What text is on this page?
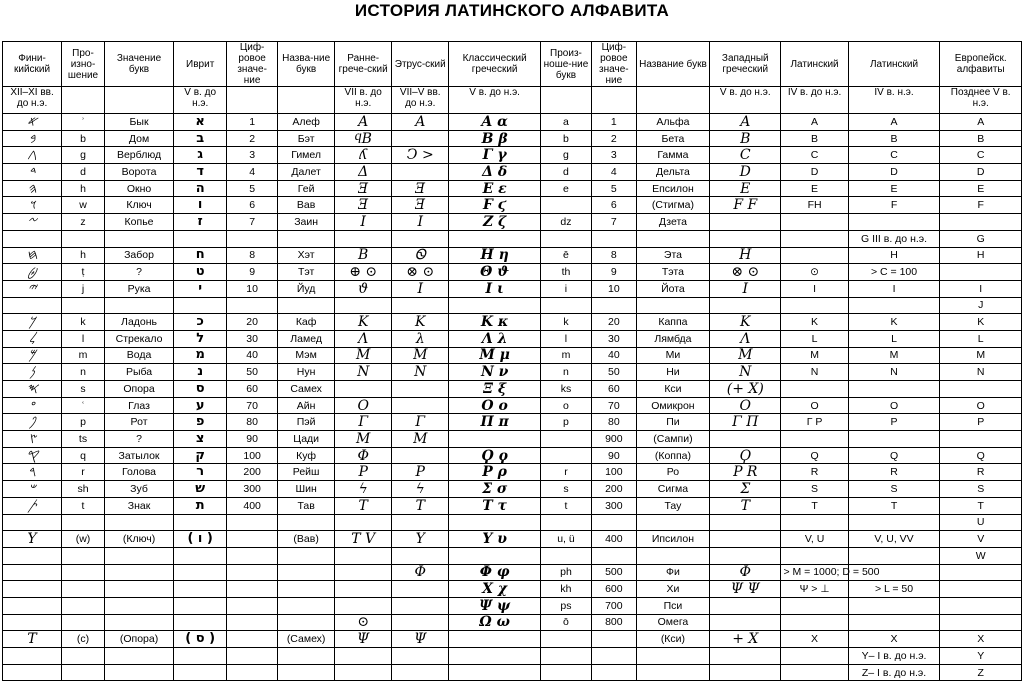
ИСТОРИЯ ЛАТИНСКОГО АЛФАВИТА
Фини-кийский	Про-изно-шение	Значение букв	Иврит	Циф-ровое значе-ние	Назва-ние букв	Ранне-грече-ский	Этрус-ский	Классический греческий	Произ-ноше-ние букв	Циф-ровое значе-ние	Название букв	Западный греческий	Латинский	Латинский	Европейск. алфавиты
XII–XI вв. до н.э.			V в. до н.э.			VII в. до н.э.	VII–V вв. до н.э.	V в. до н.э.				V в. до н.э.	IV в. до н.э.	IV в. н.э.	Позднее V в. н.э.
𐤀	ʾ	Бык	א	1	Алеф	A	A	Α α	a	1	Альфа	A	A	A	A
𐤁	b	Дом	ב	2	Бэт	ϥB		Β β	b	2	Бета	B	B	B	B
𐤂	g	Верблюд	ג	3	Гимел	ʎ	Ↄ >	Γ γ	g	3	Гамма	C	C	C	C
𐤃	d	Ворота	ד	4	Далет	Δ		Δ δ	d	4	Дельта	D	D	D	D
𐤄	h	Окно	ה	5	Гей	Ǝ	Ǝ	Ε ε	e	5	Епсилон	E	E	E	E
𐤅	w	Ключ	ו	6	Вав	Ǝ	Ǝ	Ϝ ϛ		6	(Стигма)	F F	FH	F	F
𐤆	z	Копье	ז	7	Заин	I	I	Ζ ζ	dz	7	Дзета				
														G III в. до н.э.	G
𐤇	h	Забор	ח	8	Хэт	B	Ꮻ	Η η	ē	8	Эта	H		H	H
𐤈	ṭ	?	ט	9	Тэт	⊕ ⊙	⊗ ⊙	Θ ϑ	th	9	Тэта	⊗ ⊙	⊙	> C = 100	
𐤉	j	Рука	י	10	Йуд	ϑ	I	Ι ι	i	10	Йота	I	I	I	I
															J
𐤊	k	Ладонь	כ	20	Каф	K	K	Κ κ	k	20	Каппа	K	K	K	K
𐤋	l	Стрекало	ל	30	Ламед	Λ	λ	Λ λ	l	30	Лямбда	Λ	L	L	L
𐤌	m	Вода	מ	40	Мэм	M	M	Μ μ	m	40	Ми	M	M	M	M
𐤍	n	Рыба	נ	50	Нун	N	N	Ν ν	n	50	Ни	N	N	N	N
𐤎	s	Опора	ס	60	Самех			Ξ ξ	ks	60	Кси	(+ X)			
𐤏	ʿ	Глаз	ע	70	Айн	O		Ο ο	o	70	Омикрон	O	O	O	O
𐤐	p	Рот	פ	80	Пэй	Γ	Γ	Π π	p	80	Пи	Γ Π	Γ P	P	P
𐤑	ts	?	צ	90	Цади	M	M			900	(Сампи)				
𐤒	q	Затылок	ק	100	Куф	Φ		Ϙ ϙ		90	(Коппа)	Ϙ	Q	Q	Q
𐤓	r	Голова	ר	200	Рейш	P	P	Ρ ρ	r	100	Ро	P R	R	R	R
𐤔	sh	Зуб	ש	300	Шин	ϟ	ϟ	Σ σ	s	200	Сигма	Σ	S	S	S
𐤕	t	Знак	ת	400	Тав	T	T	Τ τ	t	300	Тау	T	T	T	T
															U
Y	(w)	(Ключ)	( ו )		(Вав)	T V	Y	Υ υ	u, ü	400	Ипсилон		V, U	V, U, VV	V
															W
							Φ	Φ φ	ph	500	Фи	Φ	> M = 1000; D = 500		
								Χ χ	kh	600	Хи	Ψ Ψ	Ψ > ⊥	> L = 50	
								Ψ ψ	ps	700	Пси				
						⊙		Ω ω	ō	800	Омега				
T	(с)	(Опора)	( ס )		(Самех)	Ψ	Ψ				(Кси)	+ X	X	X	X
														Y– I в. до н.э.	Y
														Z– I в. до н.э.	Z
